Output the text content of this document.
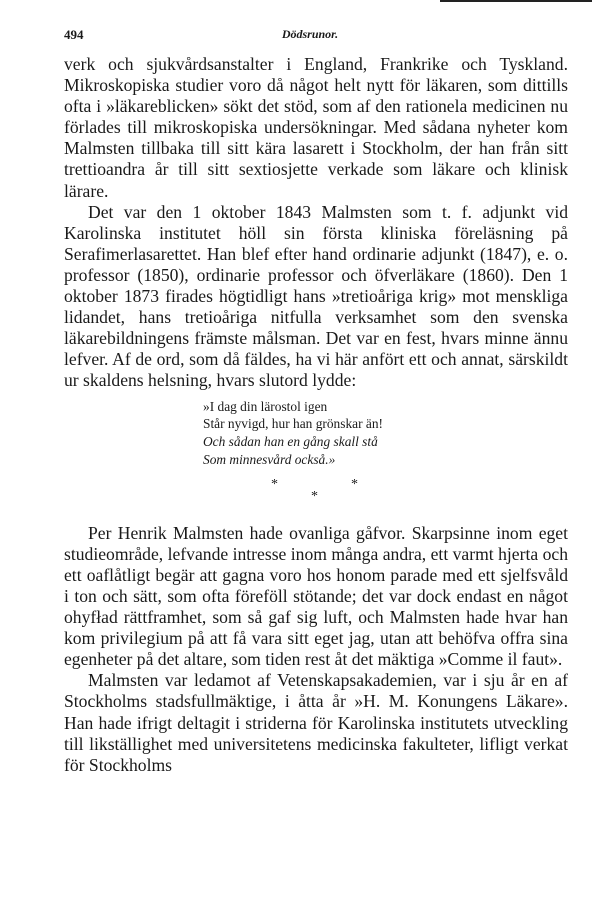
494	Dödsrunor.

verk och sjukvårdsanstalter i England, Frankrike och Tyskland. Mikroskopiska studier voro då något helt nytt för läkaren, som dittills ofta i »läkareblicken» sökt det stöd, som af den rationela medicinen nu förlades till mikroskopiska undersökningar. Med sådana nyheter kom Malmsten tillbaka till sitt kära lasarett i Stockholm, der han från sitt trettioandra år till sitt sextiosjette verkade som läkare och klinisk lärare.

Det var den 1 oktober 1843 Malmsten som t. f. adjunkt vid Karolinska institutet höll sin första kliniska föreläsning på Serafimerlasarettet. Han blef efter hand ordinarie adjunkt (1847), e. o. professor (1850), ordinarie professor och öfverläkare (1860). Den 1 oktober 1873 firades högtidligt hans »tretioåriga krig» mot menskliga lidandet, hans tretioåriga nitfulla verksamhet som den svenska läkarebildningens främste målsman. Det var en fest, hvars minne ännu lefver. Af de ord, som då fäldes, ha vi här anfört ett och annat, särskildt ur skaldens helsning, hvars slutord lydde:

»I dag din lärostol igen
Står nyvigd, hur han grönskar än!
Och sådan han en gång skall stå
Som minnesvård också.»
*	*
*

Per Henrik Malmsten hade ovanliga gåfvor. Skarpsinne inom eget studieområde, lefvande intresse inom många andra, ett varmt hjerta och ett oaflåtligt begär att gagna voro hos honom parade med ett sjelfsvåld i ton och sätt, som ofta föreföll stötande; det var dock endast en något ohyfład rättframhet, som så gaf sig luft, och Malmsten hade hvar han kom privilegium på att få vara sitt eget jag, utan att behöfva offra sina egenheter på det altare, som tiden rest åt det mäktiga »Comme il faut».

Malmsten var ledamot af Vetenskapsakademien, var i sju år en af Stockholms stadsfullmäktige, i åtta år »H. M. Konungens Läkare». Han hade ifrigt deltagit i striderna för Karolinska institutets utveckling till likställighet med universitetens medicinska fakulteter, lifligt verkat för Stockholms
